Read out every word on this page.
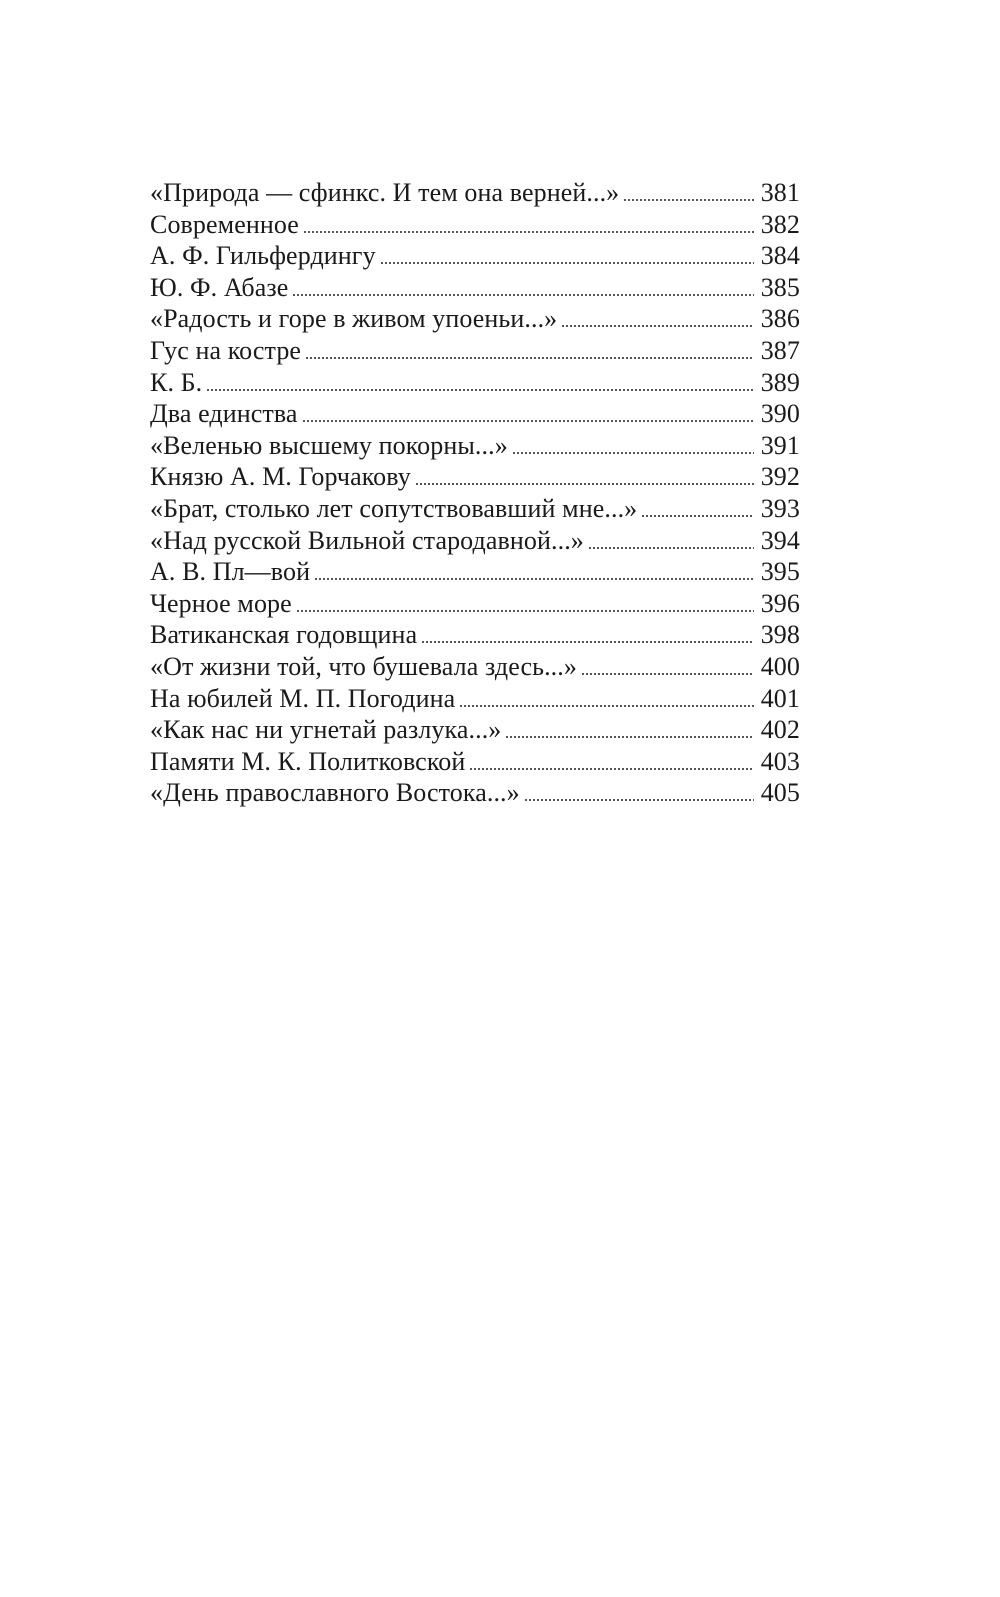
«Природа — сфинкс. И тем она верней...»	381
Современное	382
А. Ф. Гильфердингу	384
Ю. Ф. Абазе	385
«Радость и горе в живом упоеньи...»	386
Гус на костре	387
К. Б.	389
Два единства	390
«Веленью высшему покорны...»	391
Князю А. М. Горчакову	392
«Брат, столько лет сопутствовавший мне...»	393
«Над русской Вильной стародавной...»	394
А. В. Пл—вой	395
Черное море	396
Ватиканская годовщина	398
«От жизни той, что бушевала здесь...»	400
На юбилей М. П. Погодина	401
«Как нас ни угнетай разлука...»	402
Памяти М. К. Политковской	403
«День православного Востока...»	405
